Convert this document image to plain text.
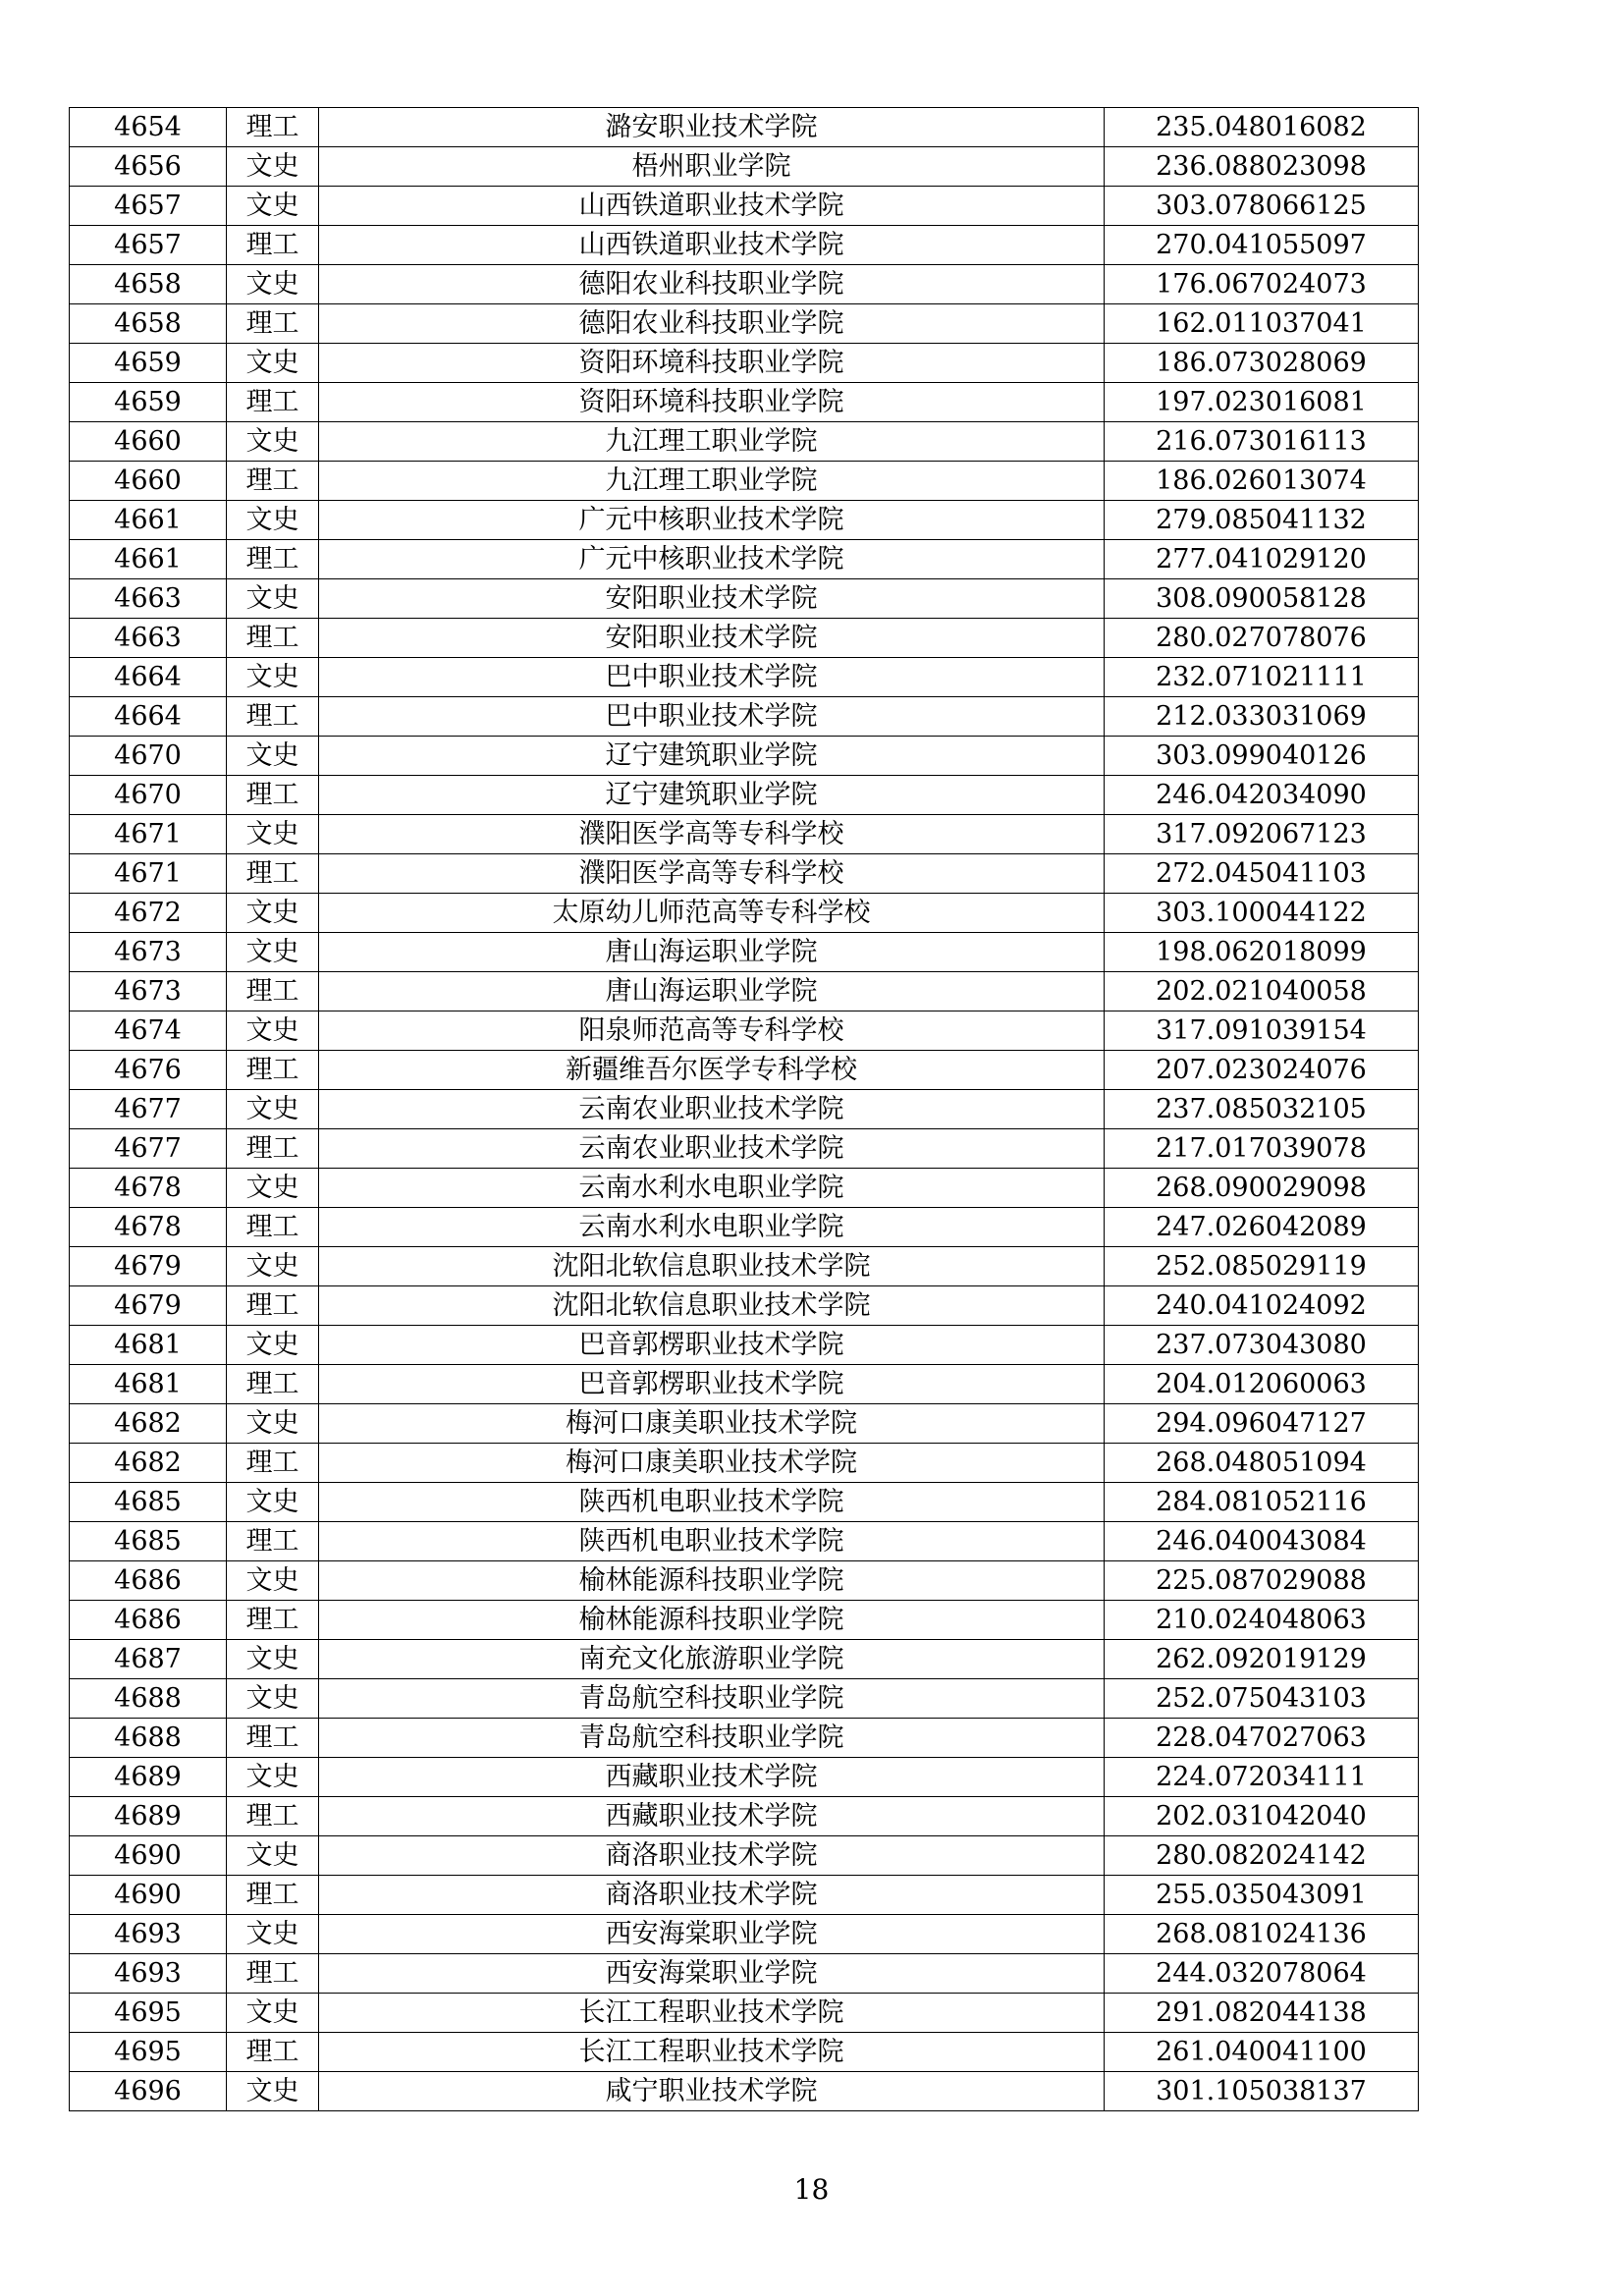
4654	理工	潞安职业技术学院	235.048016082
4656	文史	梧州职业学院	236.088023098
4657	文史	山西铁道职业技术学院	303.078066125
4657	理工	山西铁道职业技术学院	270.041055097
4658	文史	德阳农业科技职业学院	176.067024073
4658	理工	德阳农业科技职业学院	162.011037041
4659	文史	资阳环境科技职业学院	186.073028069
4659	理工	资阳环境科技职业学院	197.023016081
4660	文史	九江理工职业学院	216.073016113
4660	理工	九江理工职业学院	186.026013074
4661	文史	广元中核职业技术学院	279.085041132
4661	理工	广元中核职业技术学院	277.041029120
4663	文史	安阳职业技术学院	308.090058128
4663	理工	安阳职业技术学院	280.027078076
4664	文史	巴中职业技术学院	232.071021111
4664	理工	巴中职业技术学院	212.033031069
4670	文史	辽宁建筑职业学院	303.099040126
4670	理工	辽宁建筑职业学院	246.042034090
4671	文史	濮阳医学高等专科学校	317.092067123
4671	理工	濮阳医学高等专科学校	272.045041103
4672	文史	太原幼儿师范高等专科学校	303.100044122
4673	文史	唐山海运职业学院	198.062018099
4673	理工	唐山海运职业学院	202.021040058
4674	文史	阳泉师范高等专科学校	317.091039154
4676	理工	新疆维吾尔医学专科学校	207.023024076
4677	文史	云南农业职业技术学院	237.085032105
4677	理工	云南农业职业技术学院	217.017039078
4678	文史	云南水利水电职业学院	268.090029098
4678	理工	云南水利水电职业学院	247.026042089
4679	文史	沈阳北软信息职业技术学院	252.085029119
4679	理工	沈阳北软信息职业技术学院	240.041024092
4681	文史	巴音郭楞职业技术学院	237.073043080
4681	理工	巴音郭楞职业技术学院	204.012060063
4682	文史	梅河口康美职业技术学院	294.096047127
4682	理工	梅河口康美职业技术学院	268.048051094
4685	文史	陕西机电职业技术学院	284.081052116
4685	理工	陕西机电职业技术学院	246.040043084
4686	文史	榆林能源科技职业学院	225.087029088
4686	理工	榆林能源科技职业学院	210.024048063
4687	文史	南充文化旅游职业学院	262.092019129
4688	文史	青岛航空科技职业学院	252.075043103
4688	理工	青岛航空科技职业学院	228.047027063
4689	文史	西藏职业技术学院	224.072034111
4689	理工	西藏职业技术学院	202.031042040
4690	文史	商洛职业技术学院	280.082024142
4690	理工	商洛职业技术学院	255.035043091
4693	文史	西安海棠职业学院	268.081024136
4693	理工	西安海棠职业学院	244.032078064
4695	文史	长江工程职业技术学院	291.082044138
4695	理工	长江工程职业技术学院	261.040041100
4696	文史	咸宁职业技术学院	301.105038137
18
